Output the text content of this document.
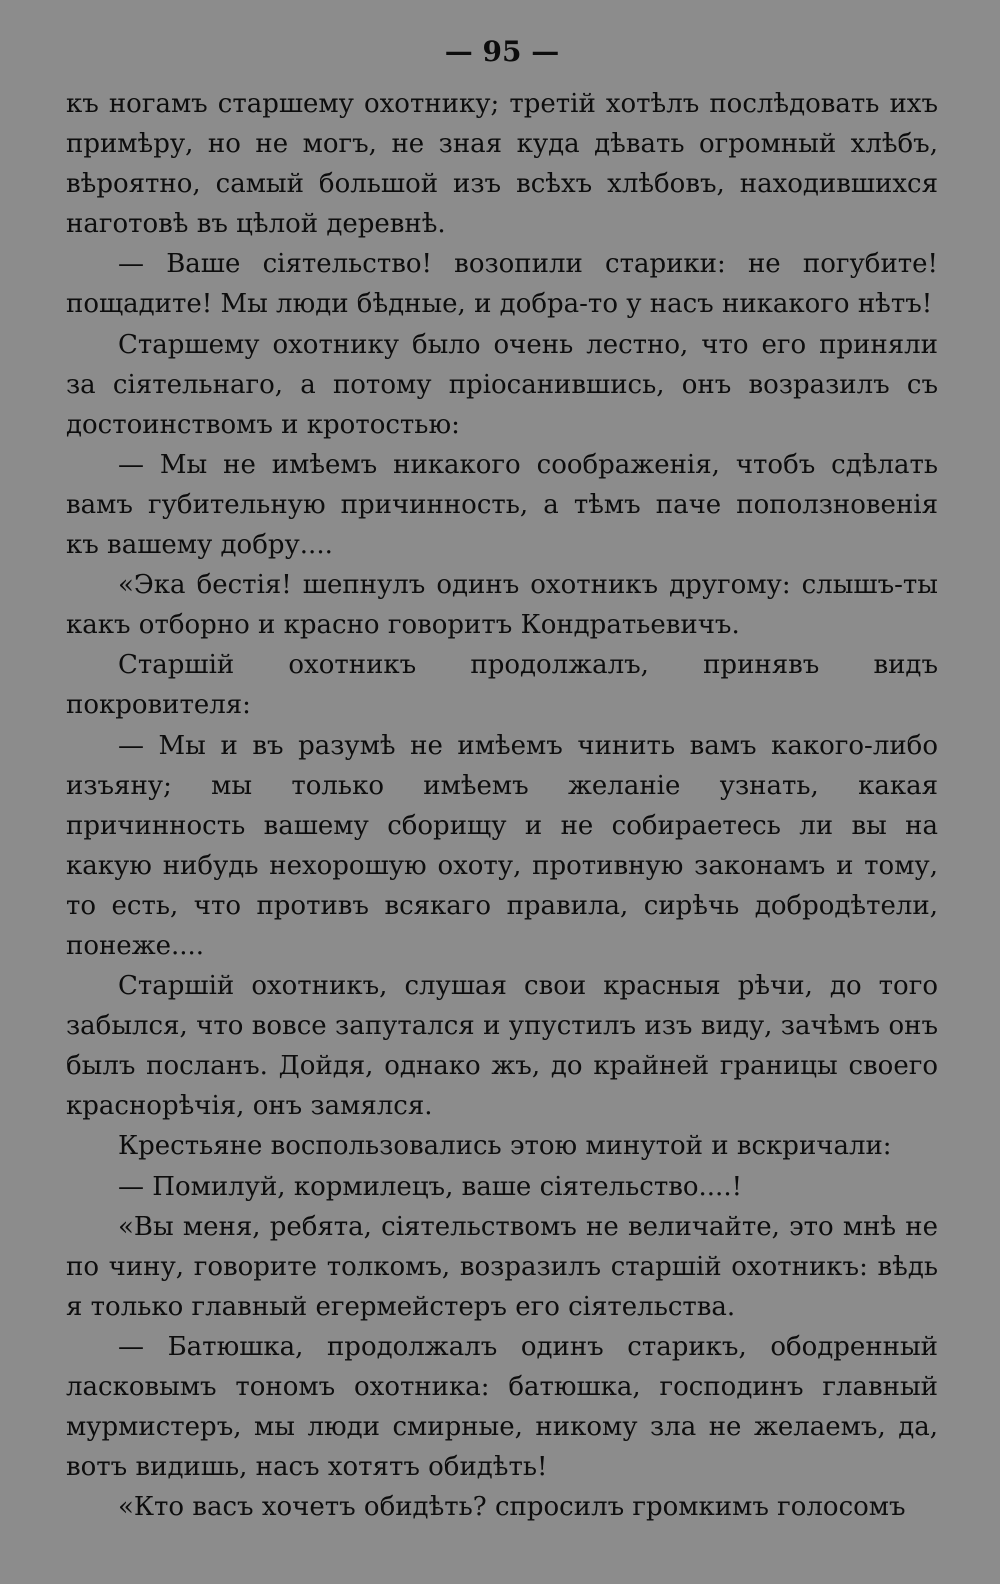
— 95 —

къ ногамъ старшему охотнику; третій хотѣлъ послѣдовать ихъ примѣру, но не могъ, не зная куда дѣвать огромный хлѣбъ, вѣроятно, самый большой изъ всѣхъ хлѣбовъ, находившихся наготовѣ въ цѣлой деревнѣ.

— Ваше сіятельство! возопили старики: не погубите! пощадите! Мы люди бѣдные, и добра-то у насъ никакого нѣтъ!

Старшему охотнику было очень лестно, что его приняли за сіятельнаго, а потому пріосанившись, онъ возразилъ съ достоинствомъ и кротостью:

— Мы не имѣемъ никакого соображенія, чтобъ сдѣлать вамъ губительную причинность, а тѣмъ паче поползновенія къ вашему добру....

«Эка бестія! шепнулъ одинъ охотникъ другому: слышъ-ты какъ отборно и красно говоритъ Кондратьевичъ.

Старшій охотникъ продолжалъ, принявъ видъ покровителя:

— Мы и въ разумѣ не имѣемъ чинить вамъ какого-либо изъяну; мы только имѣемъ желаніе узнать, какая причинность вашему сборищу и не собираетесь ли вы на какую нибудь нехорошую охоту, противную законамъ и тому, то есть, что противъ всякаго правила, сирѣчь добродѣтели, понеже....

Старшій охотникъ, слушая свои красныя рѣчи, до того забылся, что вовсе запутался и упустилъ изъ виду, зачѣмъ онъ былъ посланъ. Дойдя, однако жъ, до крайней границы своего краснорѣчія, онъ замялся.

Крестьяне воспользовались этою минутой и вскричали:

— Помилуй, кормилецъ, ваше сіятельство....!

«Вы меня, ребята, сіятельствомъ не величайте, это мнѣ не по чину, говорите толкомъ, возразилъ старшій охотникъ: вѣдь я только главный егермейстеръ его сіятельства.

— Батюшка, продолжалъ одинъ старикъ, ободренный ласковымъ тономъ охотника: батюшка, господинъ главный мурмистеръ, мы люди смирные, никому зла не желаемъ, да, вотъ видишь, насъ хотятъ обидѣть!

«Кто васъ хочетъ обидѣть? спросилъ громкимъ голосомъ
